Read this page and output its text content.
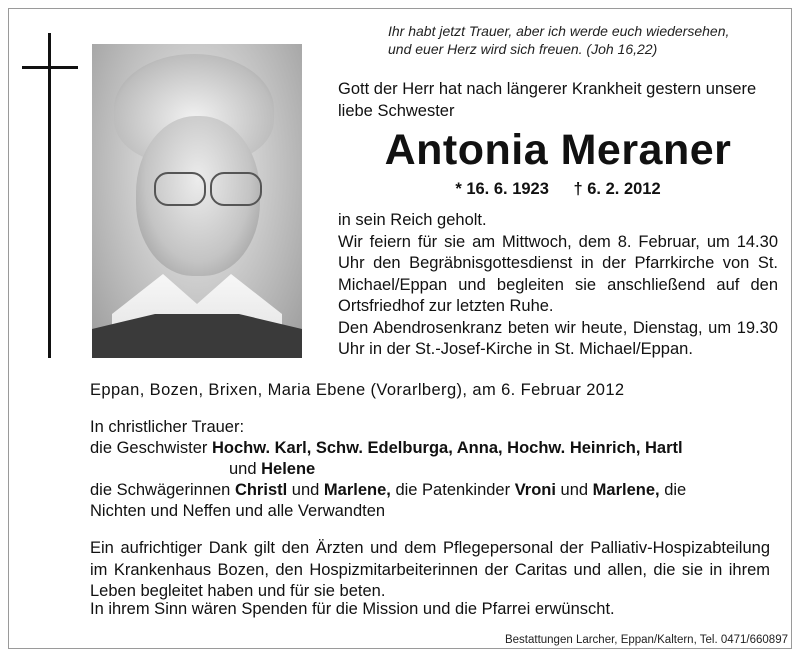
Ihr habt jetzt Trauer, aber ich werde euch wiedersehen,
und euer Herz wird sich freuen. (Joh 16,22)
Gott der Herr hat nach längerer Krankheit gestern unsere liebe Schwester
Antonia Meraner
* 16. 6. 1923 † 6. 2. 2012

in sein Reich geholt.

Wir feiern für sie am Mittwoch, dem 8. Februar, um 14.30 Uhr den Begräbnisgottesdienst in der Pfarrkirche von St. Michael/Eppan und begleiten sie anschließend auf den Ortsfriedhof zur letzten Ruhe.

Den Abendrosenkranz beten wir heute, Dienstag, um 19.30 Uhr in der St.-Josef-Kirche in St. Michael/Eppan.

Eppan, Bozen, Brixen, Maria Ebene (Vorarlberg), am 6. Februar 2012

In christlicher Trauer:

die Geschwister Hochw. Karl, Schw. Edelburga, Anna, Hochw. Heinrich, Hartl

und Helene

die Schwägerinnen Christl und Marlene, die Patenkinder Vroni und Marlene, die

Nichten und Neffen und alle Verwandten

Ein aufrichtiger Dank gilt den Ärzten und dem Pflegepersonal der Palliativ-Hospizabteilung im Krankenhaus Bozen, den Hospizmitarbeiterinnen der Caritas und allen, die sie in ihrem Leben begleitet haben und für sie beten.

In ihrem Sinn wären Spenden für die Mission und die Pfarrei erwünscht.
Bestattungen Larcher, Eppan/Kaltern, Tel. 0471/660897
